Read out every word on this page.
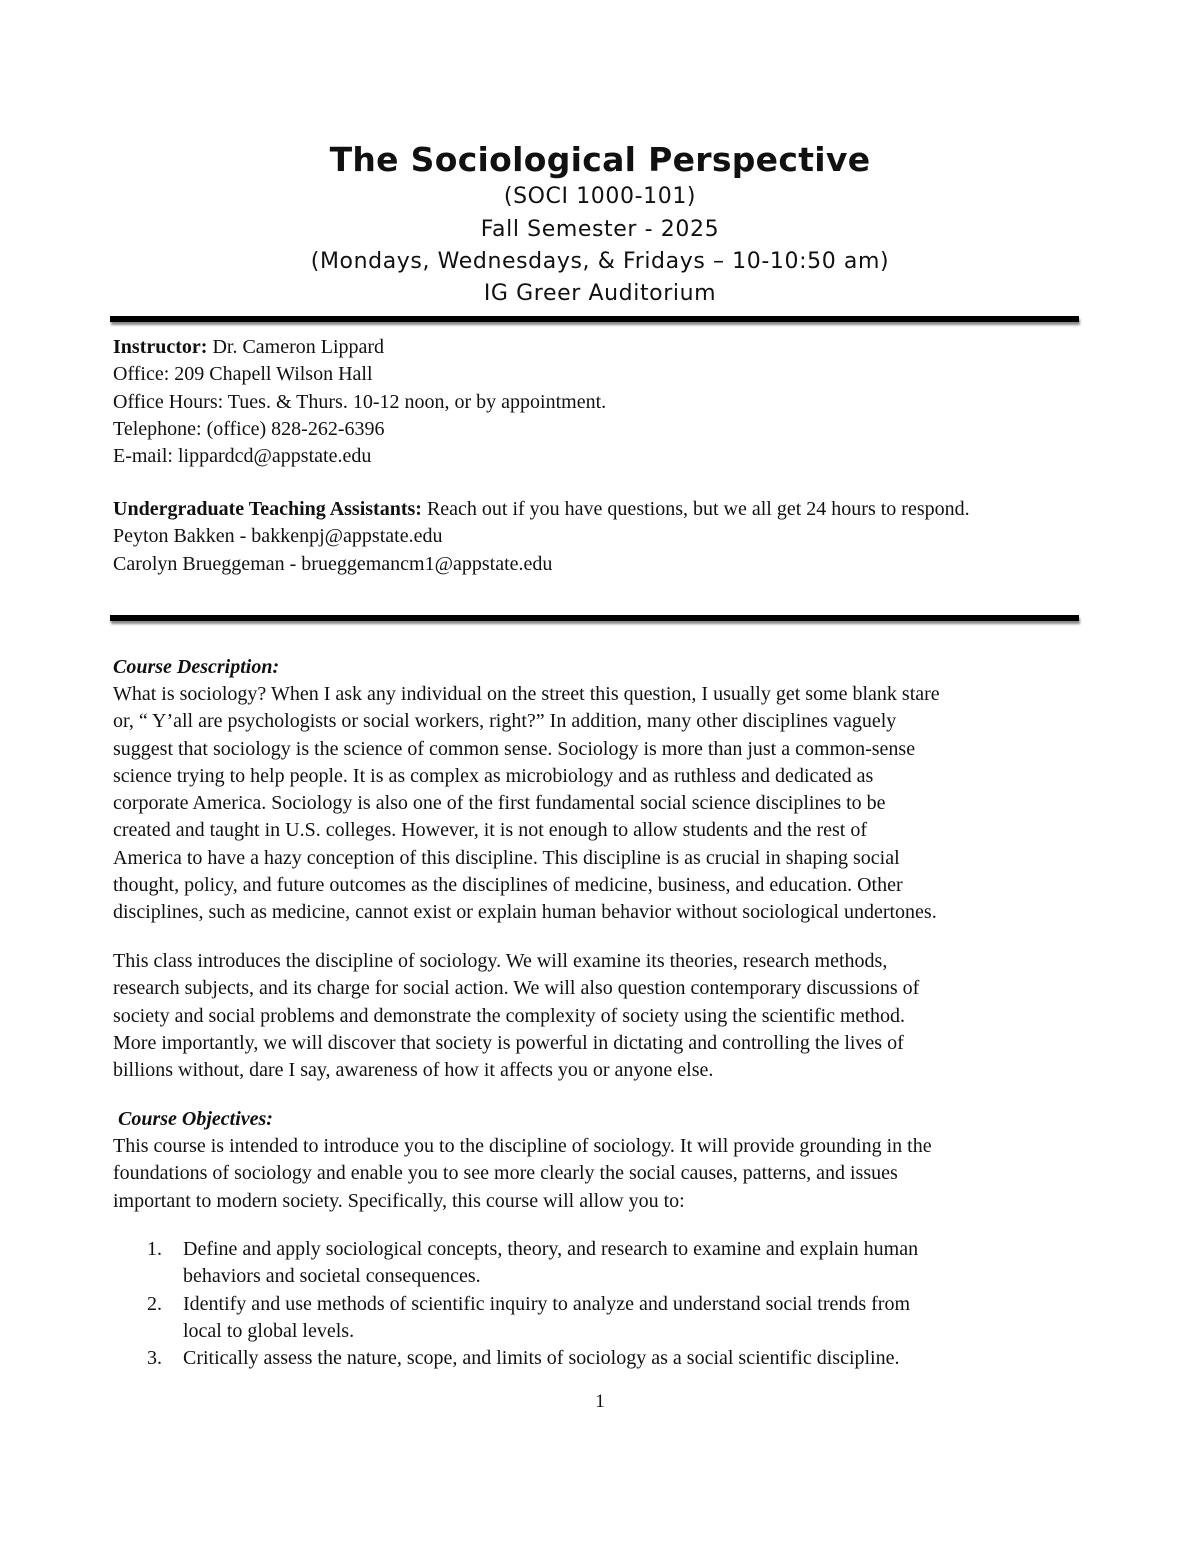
The Sociological Perspective
(SOCI 1000-101)
Fall Semester - 2025
(Mondays, Wednesdays, & Fridays – 10-10:50 am)
IG Greer Auditorium
Instructor: Dr. Cameron Lippard
Office: 209 Chapell Wilson Hall
Office Hours: Tues. & Thurs. 10-12 noon, or by appointment.
Telephone: (office) 828-262-6396
E-mail: lippardcd@appstate.edu
Undergraduate Teaching Assistants: Reach out if you have questions, but we all get 24 hours to respond.
Peyton Bakken - bakkenpj@appstate.edu
Carolyn Brueggeman - brueggemancm1@appstate.edu
Course Description:
What is sociology? When I ask any individual on the street this question, I usually get some blank stare
or, “ Y’all are psychologists or social workers, right?” In addition, many other disciplines vaguely
suggest that sociology is the science of common sense. Sociology is more than just a common-sense
science trying to help people. It is as complex as microbiology and as ruthless and dedicated as
corporate America. Sociology is also one of the first fundamental social science disciplines to be
created and taught in U.S. colleges. However, it is not enough to allow students and the rest of
America to have a hazy conception of this discipline. This discipline is as crucial in shaping social
thought, policy, and future outcomes as the disciplines of medicine, business, and education. Other
disciplines, such as medicine, cannot exist or explain human behavior without sociological undertones.
This class introduces the discipline of sociology. We will examine its theories, research methods,
research subjects, and its charge for social action. We will also question contemporary discussions of
society and social problems and demonstrate the complexity of society using the scientific method.
More importantly, we will discover that society is powerful in dictating and controlling the lives of
billions without, dare I say, awareness of how it affects you or anyone else.
Course Objectives:
This course is intended to introduce you to the discipline of sociology. It will provide grounding in the
foundations of sociology and enable you to see more clearly the social causes, patterns, and issues
important to modern society. Specifically, this course will allow you to:
1. Define and apply sociological concepts, theory, and research to examine and explain human
behaviors and societal consequences.
2. Identify and use methods of scientific inquiry to analyze and understand social trends from
local to global levels.
3. Critically assess the nature, scope, and limits of sociology as a social scientific discipline.
1
